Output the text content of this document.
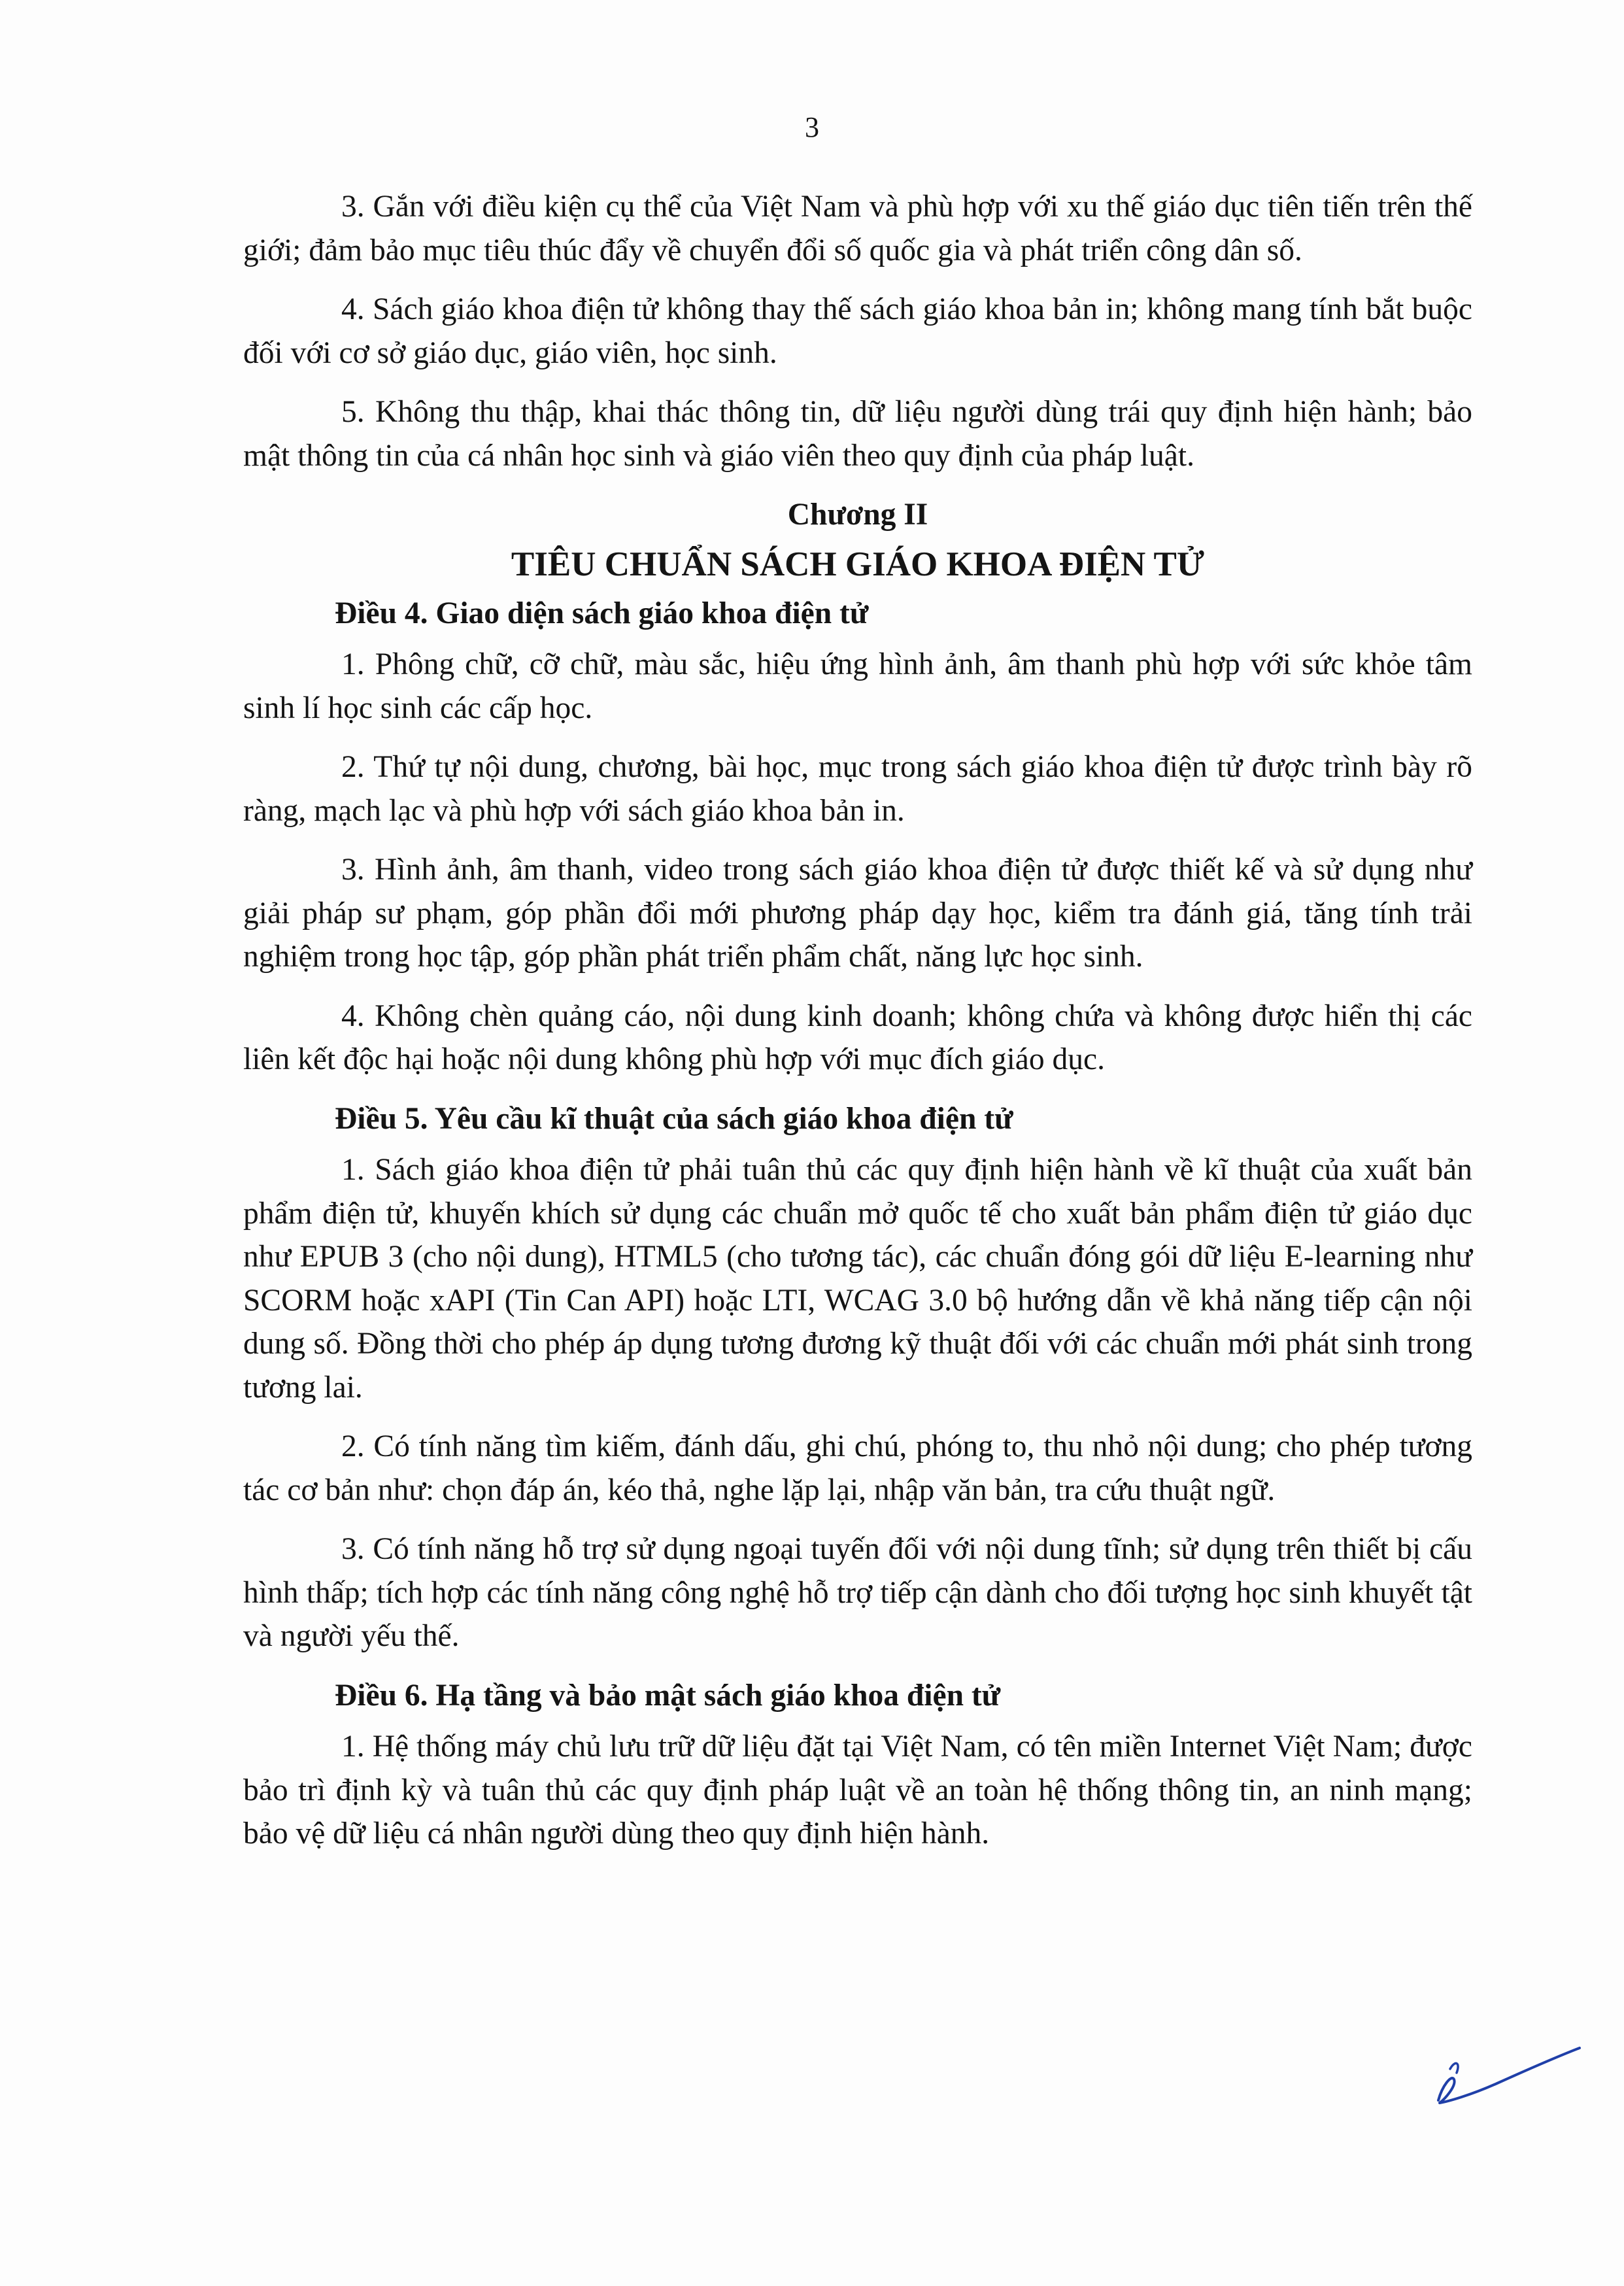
3

3. Gắn với điều kiện cụ thể của Việt Nam và phù hợp với xu thế giáo dục tiên tiến trên thế giới; đảm bảo mục tiêu thúc đẩy về chuyển đổi số quốc gia và phát triển công dân số.

4. Sách giáo khoa điện tử không thay thế sách giáo khoa bản in; không mang tính bắt buộc đối với cơ sở giáo dục, giáo viên, học sinh.

5. Không thu thập, khai thác thông tin, dữ liệu người dùng trái quy định hiện hành; bảo mật thông tin của cá nhân học sinh và giáo viên theo quy định của pháp luật.

Chương II

TIÊU CHUẨN SÁCH GIÁO KHOA ĐIỆN TỬ

Điều 4. Giao diện sách giáo khoa điện tử

1. Phông chữ, cỡ chữ, màu sắc, hiệu ứng hình ảnh, âm thanh phù hợp với sức khỏe tâm sinh lí học sinh các cấp học.

2. Thứ tự nội dung, chương, bài học, mục trong sách giáo khoa điện tử được trình bày rõ ràng, mạch lạc và phù hợp với sách giáo khoa bản in.

3. Hình ảnh, âm thanh, video trong sách giáo khoa điện tử được thiết kế và sử dụng như giải pháp sư phạm, góp phần đổi mới phương pháp dạy học, kiểm tra đánh giá, tăng tính trải nghiệm trong học tập, góp phần phát triển phẩm chất, năng lực học sinh.

4. Không chèn quảng cáo, nội dung kinh doanh; không chứa và không được hiển thị các liên kết độc hại hoặc nội dung không phù hợp với mục đích giáo dục.

Điều 5. Yêu cầu kĩ thuật của sách giáo khoa điện tử

1. Sách giáo khoa điện tử phải tuân thủ các quy định hiện hành về kĩ thuật của xuất bản phẩm điện tử, khuyến khích sử dụng các chuẩn mở quốc tế cho xuất bản phẩm điện tử giáo dục như EPUB 3 (cho nội dung), HTML5 (cho tương tác), các chuẩn đóng gói dữ liệu E-learning như SCORM hoặc xAPI (Tin Can API) hoặc LTI, WCAG 3.0 bộ hướng dẫn về khả năng tiếp cận nội dung số. Đồng thời cho phép áp dụng tương đương kỹ thuật đối với các chuẩn mới phát sinh trong tương lai.

2. Có tính năng tìm kiếm, đánh dấu, ghi chú, phóng to, thu nhỏ nội dung; cho phép tương tác cơ bản như: chọn đáp án, kéo thả, nghe lặp lại, nhập văn bản, tra cứu thuật ngữ.

3. Có tính năng hỗ trợ sử dụng ngoại tuyến đối với nội dung tĩnh; sử dụng trên thiết bị cấu hình thấp; tích hợp các tính năng công nghệ hỗ trợ tiếp cận dành cho đối tượng học sinh khuyết tật và người yếu thế.

Điều 6. Hạ tầng và bảo mật sách giáo khoa điện tử

1. Hệ thống máy chủ lưu trữ dữ liệu đặt tại Việt Nam, có tên miền Internet Việt Nam; được bảo trì định kỳ và tuân thủ các quy định pháp luật về an toàn hệ thống thông tin, an ninh mạng; bảo vệ dữ liệu cá nhân người dùng theo quy định hiện hành.
